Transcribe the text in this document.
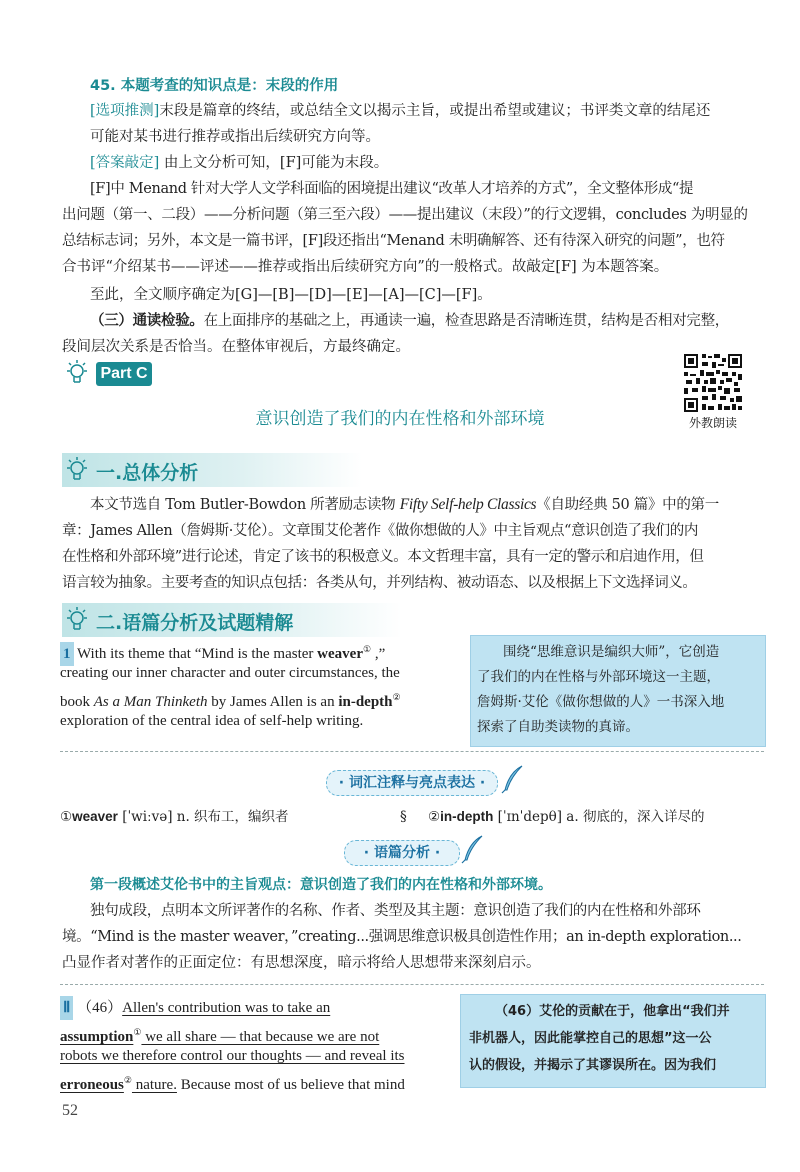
45. 本题考查的知识点是：末段的作用
[选项推测]末段是篇章的终结，或总结全文以揭示主旨，或提出希望或建议；书评类文章的结尾还
可能对某书进行推荐或指出后续研究方向等。
[答案敲定] 由上文分析可知，[F]可能为末段。
[F]中 Menand 针对大学人文学科面临的困境提出建议“改革人才培养的方式”，全文整体形成“提
出问题（第一、二段）——分析问题（第三至六段）——提出建议（末段）”的行文逻辑，concludes 为明显的
总结标志词；另外，本文是一篇书评，[F]段还指出“Menand 未明确解答、还有待深入研究的问题”，也符
合书评“介绍某书——评述——推荐或指出后续研究方向”的一般格式。故敲定[F] 为本题答案。
至此，全文顺序确定为[G]—[B]—[D]—[E]—[A]—[C]—[F]。
（三）通读检验。在上面排序的基础之上，再通读一遍，检查思路是否清晰连贯，结构是否相对完整，
段间层次关系是否恰当。在整体审视后，方最终确定。
Part C
外教朗读
意识创造了我们的内在性格和外部环境
一.总体分析
本文节选自 Tom Butler-Bowdon 所著励志读物 Fifty Self-help Classics《自助经典 50 篇》中的第一
章：James Allen（詹姆斯·艾伦）。文章围艾伦著作《做你想做的人》中主旨观点“意识创造了我们的内
在性格和外部环境”进行论述，肯定了该书的积极意义。本文哲理丰富，具有一定的警示和启迪作用，但
语言较为抽象。主要考查的知识点包括：各类从句，并列结构、被动语态、以及根据上下文选择词义。
二.语篇分析及试题精解
1 With its theme that “Mind is the master weaver① ,”
creating our inner character and outer circumstances, the
book As a Man Thinketh by James Allen is an in-depth②
exploration of the central idea of self-help writing.
围绕“思维意识是编织大师”，它创造
了我们的内在性格与外部环境这一主题，
詹姆斯·艾伦《做你想做的人》一书深入地
探索了自助类读物的真谛。
· 词汇注释与亮点表达 ·
①weaver [ˈwiːvə] n. 织布工，编织者	§ ②in-depth [ˈɪnˈdepθ] a. 彻底的，深入详尽的
· 语篇分析 ·
第一段概述艾伦书中的主旨观点：意识创造了我们的内在性格和外部环境。
独句成段，点明本文所评著作的名称、作者、类型及其主题：意识创造了我们的内在性格和外部环
境。“Mind is the master weaver，”creating...强调思维意识极具创造性作用；an in-depth exploration...
凸显作者对著作的正面定位：有思想深度，暗示将给人思想带来深刻启示。
Ⅱ （46）Allen's contribution was to take an
assumption① we all share — that because we are not
robots we therefore control our thoughts — and reveal its
erroneous② nature. Because most of us believe that mind
（46）艾伦的贡献在于，他拿出“我们并
非机器人，因此能掌控自己的思想”这一公
认的假设，并揭示了其谬误所在。因为我们
52
